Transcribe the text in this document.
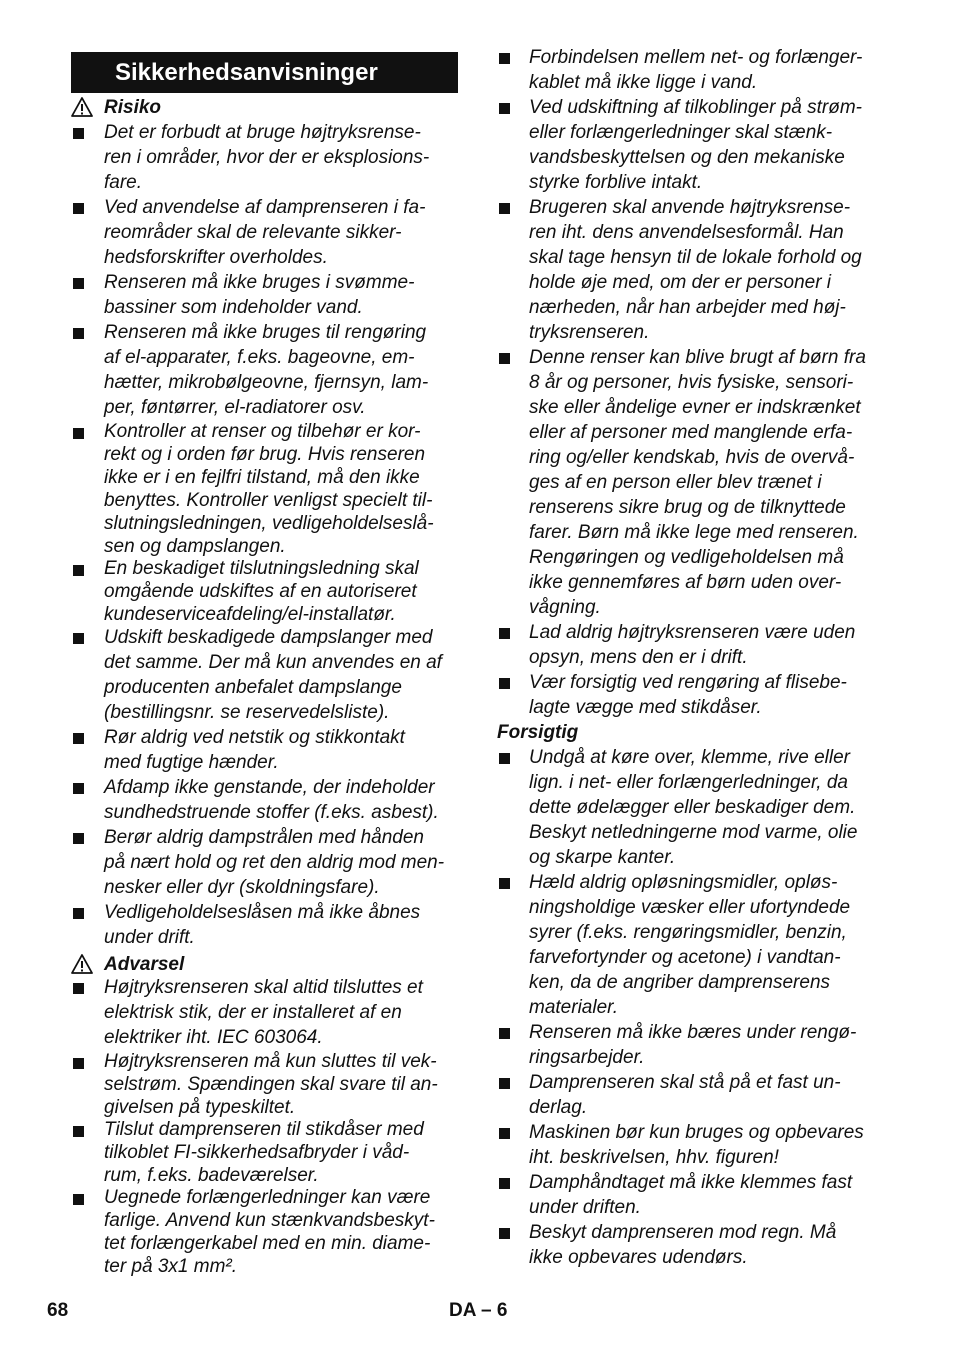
Sikkerhedsanvisninger
Risiko
Det er forbudt at bruge højtryksrense-
ren i områder, hvor der er eksplosions-
fare.
Ved anvendelse af damprenseren i fa-
reområder skal de relevante sikker-
hedsforskrifter overholdes.
Renseren må ikke bruges i svømme-
bassiner som indeholder vand.
Renseren må ikke bruges til rengøring
af el-apparater, f.eks. bageovne, em-
hætter, mikrobølgeovne, fjernsyn, lam-
per, føntørrer, el-radiatorer osv.
Kontroller at renser og tilbehør er kor-
rekt og i orden før brug. Hvis renseren
ikke er i en fejlfri tilstand, må den ikke
benyttes. Kontroller venligst specielt til-
slutningsledningen, vedligeholdelseslå-
sen og dampslangen.
En beskadiget tilslutningsledning skal
omgående udskiftes af en autoriseret
kundeserviceafdeling/el-installatør.
Udskift beskadigede dampslanger med
det samme. Der må kun anvendes en af
producenten anbefalet dampslange
(bestillingsnr. se reservedelsliste).
Rør aldrig ved netstik og stikkontakt
med fugtige hænder.
Afdamp ikke genstande, der indeholder
sundhedstruende stoffer (f.eks. asbest).
Berør aldrig dampstrålen med hånden
på nært hold og ret den aldrig mod men-
nesker eller dyr (skoldningsfare).
Vedligeholdelseslåsen må ikke åbnes
under drift.
Advarsel
Højtryksrenseren skal altid tilsluttes et
elektrisk stik, der er installeret af en
elektriker iht. IEC 603064.
Højtryksrenseren må kun sluttes til vek-
selstrøm. Spændingen skal svare til an-
givelsen på typeskiltet.
Tilslut damprenseren til stikdåser med
tilkoblet FI-sikkerhedsafbryder i våd-
rum, f.eks. badeværelser.
Uegnede forlængerledninger kan være
farlige. Anvend kun stænkvandsbeskyt-
tet forlængerkabel med en min. diame-
ter på 3x1 mm².
Forbindelsen mellem net- og forlænger-
kablet må ikke ligge i vand.
Ved udskiftning af tilkoblinger på strøm-
eller forlængerledninger skal stænk-
vandsbeskyttelsen og den mekaniske
styrke forblive intakt.
Brugeren skal anvende højtryksrense-
ren iht. dens anvendelsesformål. Han
skal tage hensyn til de lokale forhold og
holde øje med, om der er personer i
nærheden, når han arbejder med høj-
tryksrenseren.
Denne renser kan blive brugt af børn fra
8 år og personer, hvis fysiske, sensori-
ske eller åndelige evner er indskrænket
eller af personer med manglende erfa-
ring og/eller kendskab, hvis de overvå-
ges af en person eller blev trænet i
renserens sikre brug og de tilknyttede
farer. Børn må ikke lege med renseren.
Rengøringen og vedligeholdelsen må
ikke gennemføres af børn uden over-
vågning.
Lad aldrig højtryksrenseren være uden
opsyn, mens den er i drift.
Vær forsigtig ved rengøring af flisebe-
lagte vægge med stikdåser.
Forsigtig
Undgå at køre over, klemme, rive eller
lign. i net- eller forlængerledninger, da
dette ødelægger eller beskadiger dem.
Beskyt netledningerne mod varme, olie
og skarpe kanter.
Hæld aldrig opløsningsmidler, opløs-
ningsholdige væsker eller ufortyndede
syrer (f.eks. rengøringsmidler, benzin,
farvefortynder og acetone) i vandtan-
ken, da de angriber damprenserens
materialer.
Renseren må ikke bæres under rengø-
ringsarbejder.
Damprenseren skal stå på et fast un-
derlag.
Maskinen bør kun bruges og opbevares
iht. beskrivelsen, hhv. figuren!
Damphåndtaget må ikke klemmes fast
under driften.
Beskyt damprenseren mod regn. Må
ikke opbevares udendørs.
68	DA – 6
